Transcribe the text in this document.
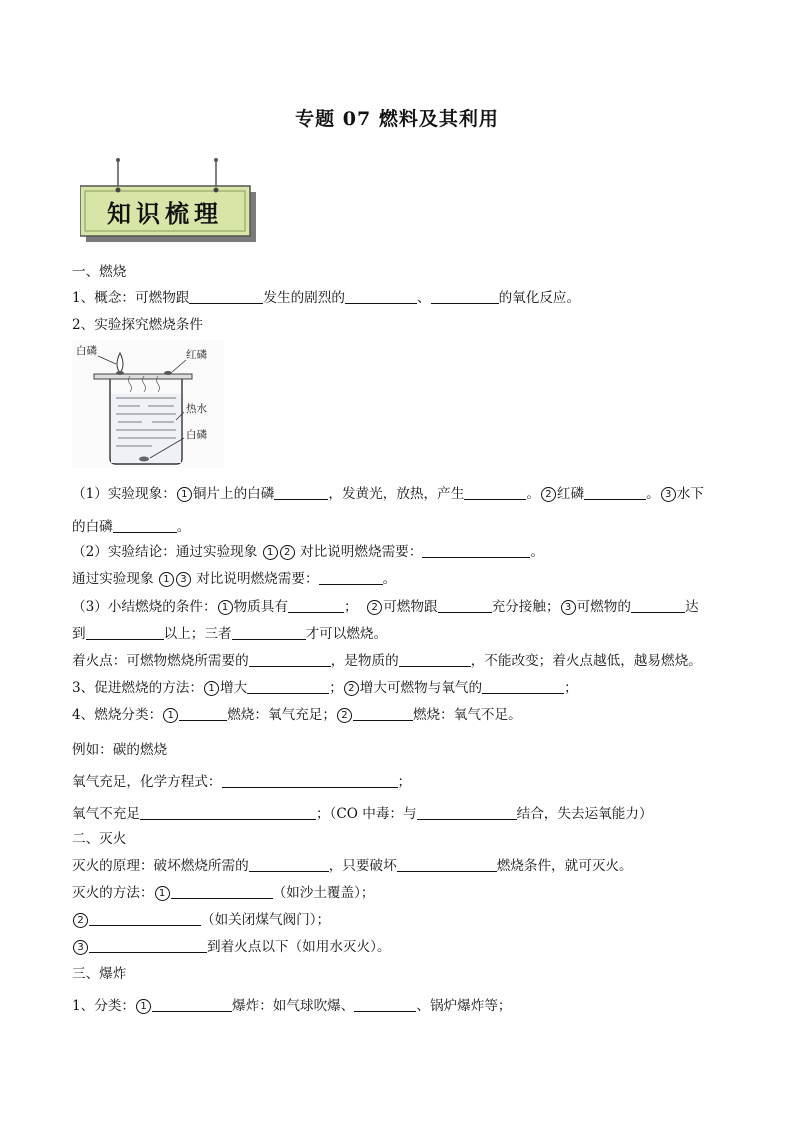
专题 07 燃料及其利用
知识梳理
一、燃烧
1、概念：可燃物跟	发生的剧烈的	、	的氧化反应。
2、实验探究燃烧条件
白磷	红磷
热水
白磷
（1）实验现象： 1 铜片上的白磷	，发黄光，放热，产生	。 2 红磷	。 3 水下
的白磷	。
（2）实验结论：通过实验现象 1 2 对比说明燃烧需要：	。
通过实验现象 1 3 对比说明燃烧需要：	。
（3）小结燃烧的条件： 1 物质具有	； 2 可燃物跟	充分接触； 3 可燃物的	达
到	以上；三者	才可以燃烧。
着火点：可燃物燃烧所需要的	，是物质的	，不能改变；着火点越低，越易燃烧。
3、促进燃烧的方法： 1 增大	； 2 增大可燃物与氧气的	；
4、燃烧分类： 1	燃烧：氧气充足； 2	燃烧：氧气不足。
例如：碳的燃烧
氧气充足，化学方程式：	；
氧气不充足	；（CO 中毒：与	结合，失去运氧能力）
二、灭火
灭火的原理：破坏燃烧所需的	，只要破坏	燃烧条件，就可灭火。
灭火的方法： 1	（如沙土覆盖）；
2	（如关闭煤气阀门）；
3	到着火点以下（如用水灭火）。
三、爆炸
1、分类： 1	爆炸：如气球吹爆、	、锅炉爆炸等；
